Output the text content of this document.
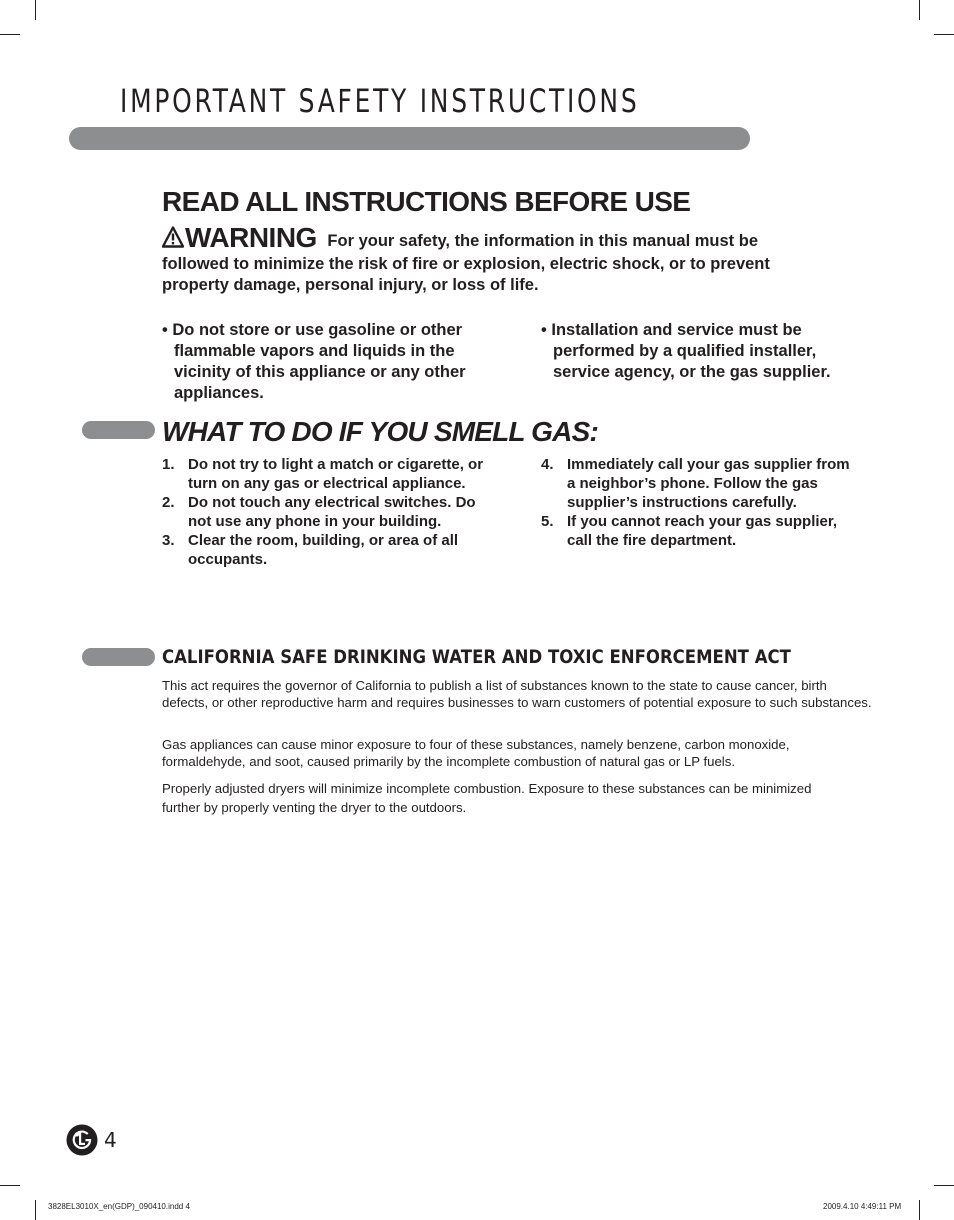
IMPORTANT SAFETY INSTRUCTIONS
READ ALL INSTRUCTIONS BEFORE USE
WARNING For your safety, the information in this manual must be followed to minimize the risk of fire or explosion, electric shock, or to prevent property damage, personal injury, or loss of life.
• Do not store or use gasoline or other flammable vapors and liquids in the vicinity of this appliance or any other appliances.
• Installation and service must be performed by a qualified installer, service agency, or the gas supplier.
WHAT TO DO IF YOU SMELL GAS:
1. Do not try to light a match or cigarette, or turn on any gas or electrical appliance.
2. Do not touch any electrical switches. Do not use any phone in your building.
3. Clear the room, building, or area of all occupants.
4. Immediately call your gas supplier from a neighbor’s phone. Follow the gas supplier’s instructions carefully.
5. If you cannot reach your gas supplier, call the fire department.
CALIFORNIA SAFE DRINKING WATER AND TOXIC ENFORCEMENT ACT

This act requires the governor of California to publish a list of substances known to the state to cause cancer, birth defects, or other reproductive harm and requires businesses to warn customers of potential exposure to such substances.

Gas appliances can cause minor exposure to four of these substances, namely benzene, carbon monoxide, formaldehyde, and soot, caused primarily by the incomplete combustion of natural gas or LP fuels.

Properly adjusted dryers will minimize incomplete combustion. Exposure to these substances can be minimized further by properly venting the dryer to the outdoors.

4
3828EL3010X_en(GDP)_090410.indd 4	2009.4.10 4:49:11 PM
